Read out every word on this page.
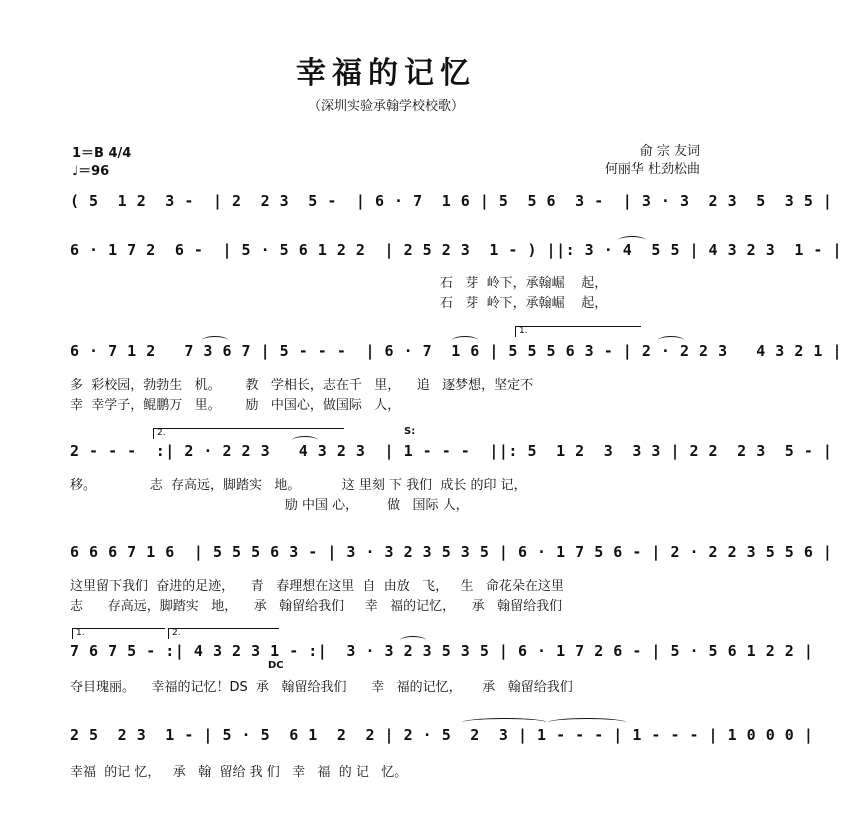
幸福的记忆
（深圳实验承翰学校校歌）
1＝B 4/4
♩＝96
俞 宗 友词
何丽华 杜劲松曲
( 5  1 2  3 -  | 2  2 3  5 -  | 6 · 7  1 6 | 5  5 6  3 -  | 3 · 3  2 3  5  3 5 |
6 · 1 7 2  6 -  | 5 · 5 6 1 2 2  | 2 5 2 3  1 - ) ||: 3 · 4  5 5 | 4 3 2 3  1 - |
石   芽  岭下，承翰崛    起，
石   芽  岭下，承翰崛    起，
1.
6 · 7 1 2   7 3 6 7 | 5 - - -  | 6 · 7  1 6 | 5 5 5 6 3 - | 2 · 2 2 3   4 3 2 1 |
多  彩校园，勃勃生   机。      教   学相长，志在千   里，    追   逐梦想，坚定不
幸  幸学子，鲲鹏万   里。      励   中国心，做国际   人，
2.	S:
2 - - -  :| 2 · 2 2 3   4 3 2 3  | 1 - - -  ||: 5  1 2  3  3 3 | 2 2  2 3  5 - |
移。             志  存高远，脚踏实   地。          这 里刻 下 我们  成长 的印 记，
励 中国 心，       做   国际 人，
6 6 6 7 1 6  | 5 5 5 6 3 - | 3 · 3 2 3 5 3 5 | 6 · 1 7 5 6 - | 2 · 2 2 3 5 5 6 |
这里留下我们  奋进的足迹，    青   春理想在这里  自  由放   飞，   生   命花朵在这里
志      存高远，脚踏实   地，    承   翰留给我们     幸   福的记忆，    承   翰留给我们
1.	2.
7 6 7 5 - :| 4 3 2 3 1 - :|  3 · 3 2 3 5 3 5 | 6 · 1 7 2 6 - | 5 · 5 6 1 2 2 |
DC
夺目瑰丽。    幸福的记忆！DS  承   翰留给我们      幸   福的记忆，     承   翰留给我们
2 5  2 3  1 - | 5 · 5  6 1  2  2 | 2 · 5  2  3 | 1 - - - | 1 - - - | 1 0 0 0 |
幸福  的记 忆，   承   翰  留给 我 们   幸   福  的 记   忆。
